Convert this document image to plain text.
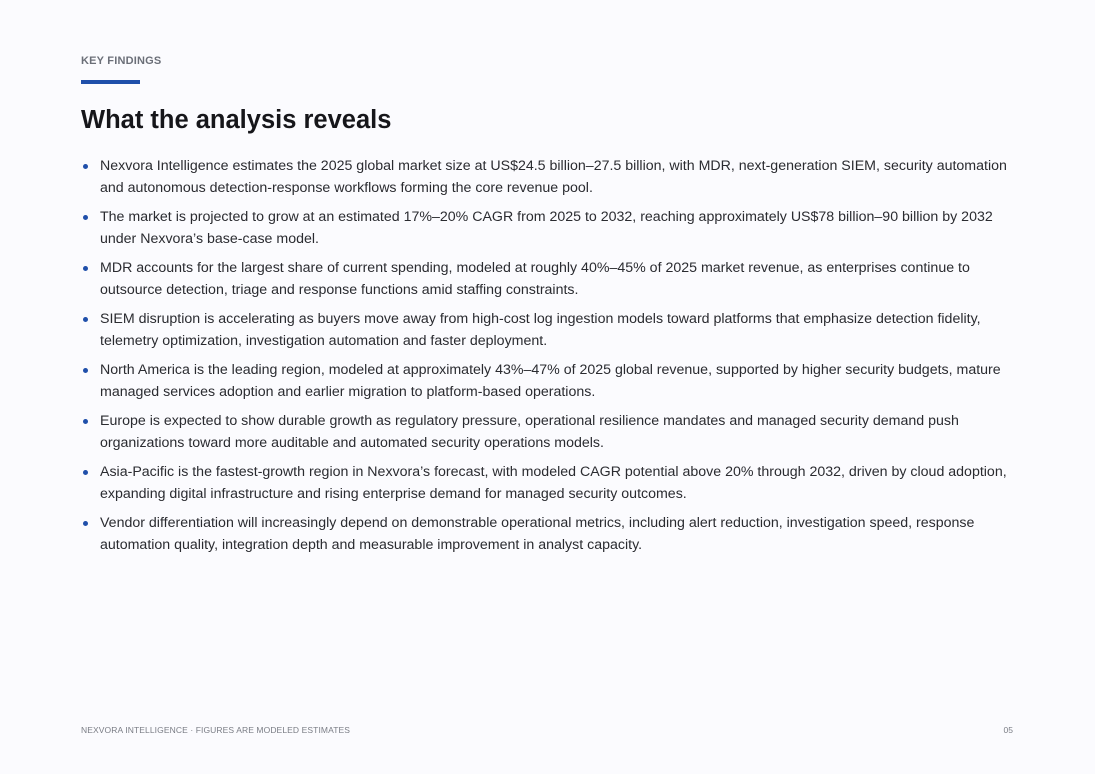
KEY FINDINGS
What the analysis reveals
Nexvora Intelligence estimates the 2025 global market size at US$24.5 billion–27.5 billion, with MDR, next-generation SIEM, security automation and autonomous detection-response workflows forming the core revenue pool.
The market is projected to grow at an estimated 17%–20% CAGR from 2025 to 2032, reaching approximately US$78 billion–90 billion by 2032 under Nexvora’s base-case model.
MDR accounts for the largest share of current spending, modeled at roughly 40%–45% of 2025 market revenue, as enterprises continue to outsource detection, triage and response functions amid staffing constraints.
SIEM disruption is accelerating as buyers move away from high-cost log ingestion models toward platforms that emphasize detection fidelity, telemetry optimization, investigation automation and faster deployment.
North America is the leading region, modeled at approximately 43%–47% of 2025 global revenue, supported by higher security budgets, mature managed services adoption and earlier migration to platform-based operations.
Europe is expected to show durable growth as regulatory pressure, operational resilience mandates and managed security demand push organizations toward more auditable and automated security operations models.
Asia-Pacific is the fastest-growth region in Nexvora’s forecast, with modeled CAGR potential above 20% through 2032, driven by cloud adoption, expanding digital infrastructure and rising enterprise demand for managed security outcomes.
Vendor differentiation will increasingly depend on demonstrable operational metrics, including alert reduction, investigation speed, response automation quality, integration depth and measurable improvement in analyst capacity.
NEXVORA INTELLIGENCE · FIGURES ARE MODELED ESTIMATES	05
